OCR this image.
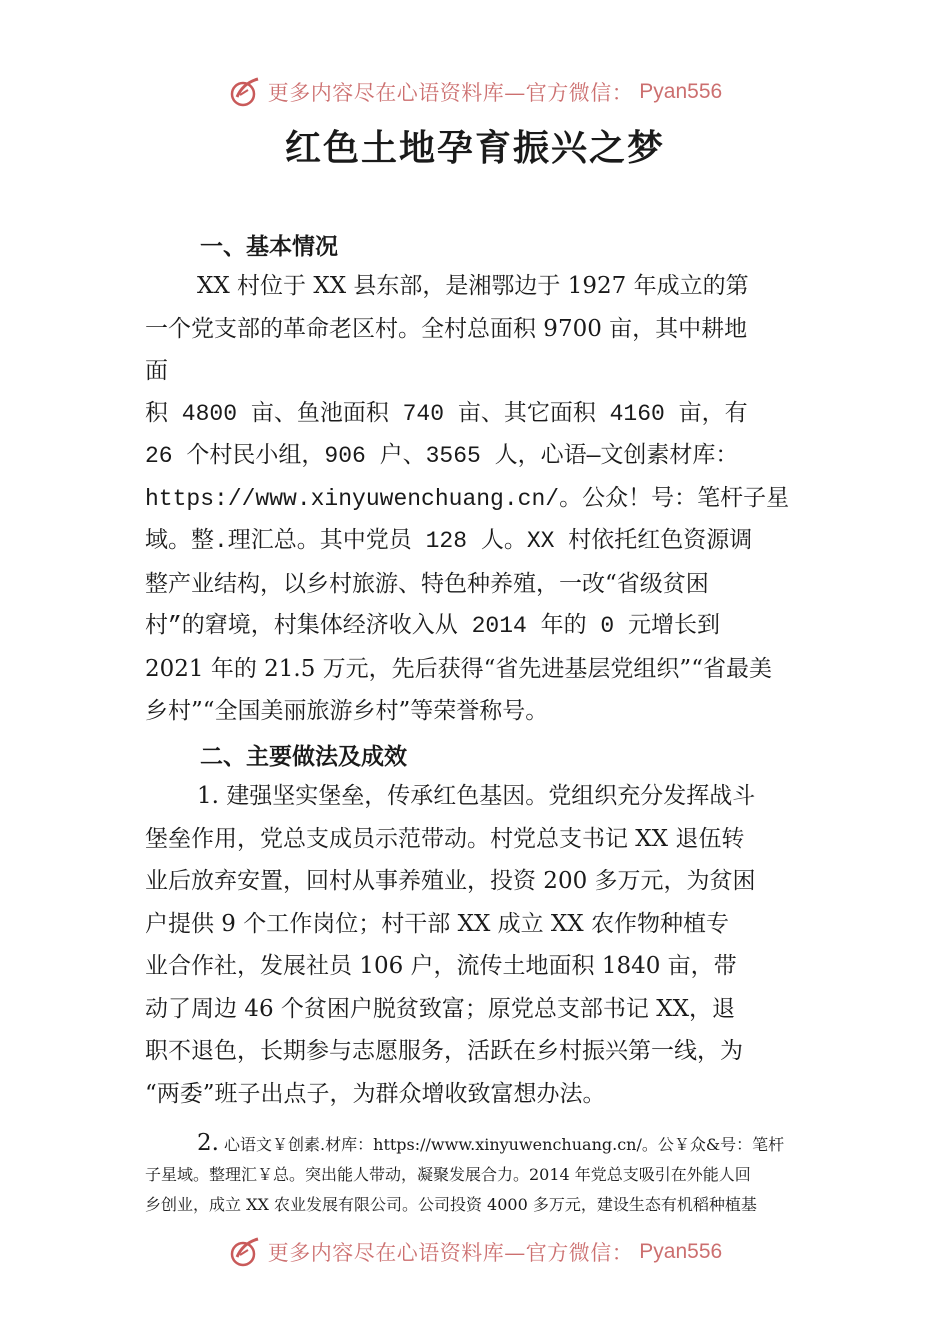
更多内容尽在心语资料库—官方微信： Pyan556
红色土地孕育振兴之梦
一、基本情况
XX 村位于 XX 县东部，是湘鄂边于 1927 年成立的第
一个党支部的革命老区村。全村总面积 9700 亩，其中耕地
面
积 4800 亩、鱼池面积 740 亩、其它面积 4160 亩，有
26 个村民小组，906 户、3565 人，心语—文创素材库：
https://www.xinyuwenchuang.cn/。公众！号：笔杆子星
域。整.理汇总。其中党员 128 人。XX 村依托红色资源调
整产业结构，以乡村旅游、特色种养殖，一改“省级贫困
村”的窘境，村集体经济收入从 2014 年的 0 元增长到
2021 年的 21.5 万元，先后获得“省先进基层党组织”“省最美
乡村”“全国美丽旅游乡村”等荣誉称号。
二、主要做法及成效
1. 建强坚实堡垒，传承红色基因。党组织充分发挥战斗
堡垒作用，党总支成员示范带动。村党总支书记 XX 退伍转
业后放弃安置，回村从事养殖业，投资 200 多万元，为贫困
户提供 9 个工作岗位；村干部 XX 成立 XX 农作物种植专
业合作社，发展社员 106 户，流传土地面积 1840 亩，带
动了周边 46 个贫困户脱贫致富；原党总支部书记 XX，退
职不退色，长期参与志愿服务，活跃在乡村振兴第一线，为
“两委”班子出点子，为群众增收致富想办法。
2. 心语文￥创素.材库：https://www.xinyuwenchuang.cn/。公￥众&号：笔杆
子星域。整理汇￥总。突出能人带动，凝聚发展合力。2014 年党总支吸引在外能人回
乡创业，成立 XX 农业发展有限公司。公司投资 4000 多万元，建设生态有机稻种植基
更多内容尽在心语资料库—官方微信： Pyan556
